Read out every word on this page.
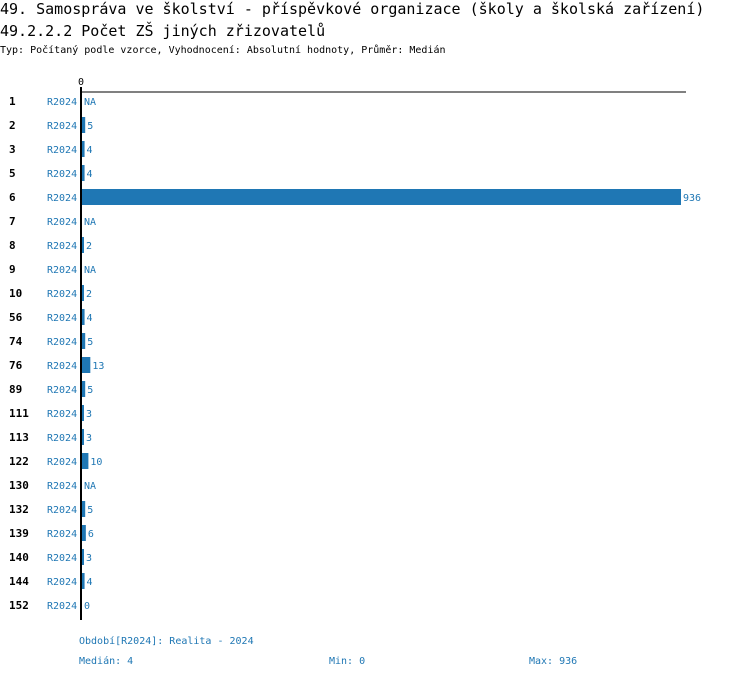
49. Samospráva ve školství - příspěvkové organizace (školy a školská zařízení)
49.2.2.2 Počet ZŠ jiných zřizovatelů
Typ: Počítaný podle vzorce, Vyhodnocení: Absolutní hodnoty, Průměr: Medián
1	R2024 NA
2	R2024 5
3	R2024 4
5	R2024 4
6	R2024	936
7	R2024 NA
8	R2024 2
9	R2024 NA
10 R2024 2
56 R2024 4
74 R2024 5
76 R2024 13
89 R2024 5
111 R2024 3
113 R2024 3
122 R2024 10
130 R2024 NA
132 R2024 5
139 R2024 6
140 R2024 3
144 R2024 4
152 R2024 0
0
Období[R2024]: Realita - 2024
Medián: 4	Min: 0	Max: 936
